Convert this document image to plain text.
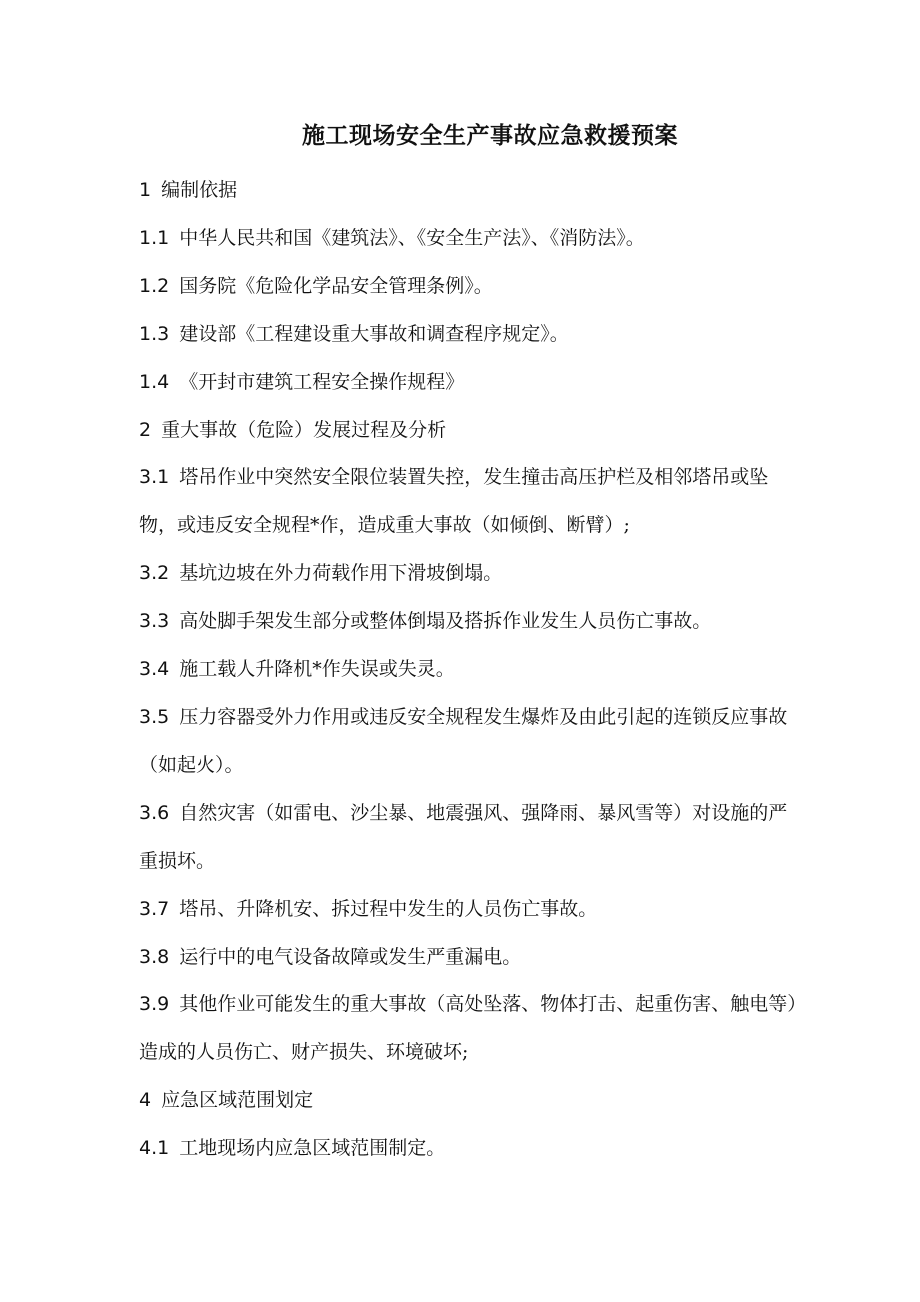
施工现场安全生产事故应急救援预案

1 编制依据

1.1 中华人民共和国《建筑法》、《安全生产法》、《消防法》。

1.2 国务院《危险化学品安全管理条例》。

1.3 建设部《工程建设重大事故和调查程序规定》。

1.4 《开封市建筑工程安全操作规程》

2 重大事故（危险）发展过程及分析

3.1 塔吊作业中突然安全限位装置失控，发生撞击高压护栏及相邻塔吊或坠物，或违反安全规程*作，造成重大事故（如倾倒、断臂）;

3.2 基坑边坡在外力荷载作用下滑坡倒塌。

3.3 高处脚手架发生部分或整体倒塌及搭拆作业发生人员伤亡事故。

3.4 施工载人升降机*作失误或失灵。

3.5 压力容器受外力作用或违反安全规程发生爆炸及由此引起的连锁反应事故（如起火）。

3.6 自然灾害（如雷电、沙尘暴、地震强风、强降雨、暴风雪等）对设施的严重损坏。

3.7 塔吊、升降机安、拆过程中发生的人员伤亡事故。

3.8 运行中的电气设备故障或发生严重漏电。

3.9 其他作业可能发生的重大事故（高处坠落、物体打击、起重伤害、触电等）造成的人员伤亡、财产损失、环境破坏;

4 应急区域范围划定

4.1 工地现场内应急区域范围制定。
